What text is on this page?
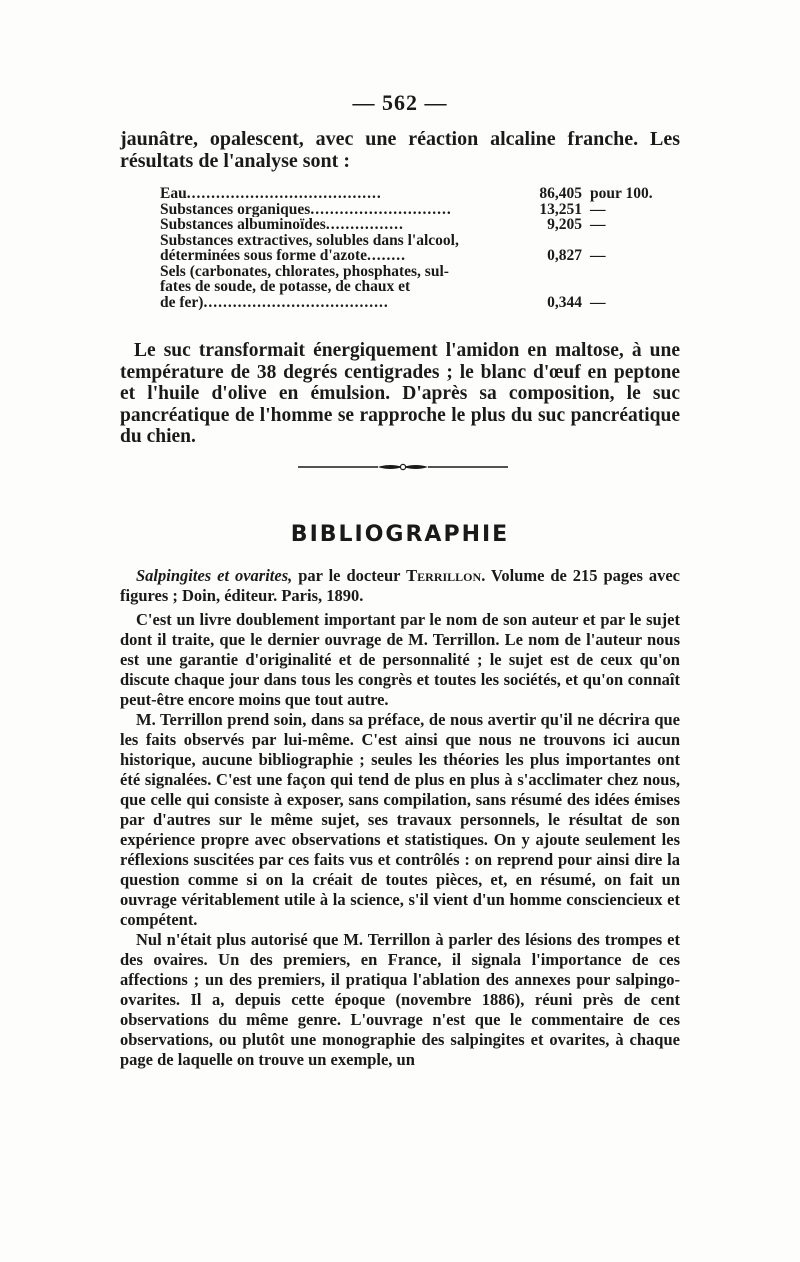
— 562 —

jaunâtre, opalescent, avec une réaction alcaline franche. Les résultats de l'analyse sont :

Eau........................................	86,405 pour 100.
Substances organiques.............................	13,251 —
Substances albuminoïdes................	9,205 —
Substances extractives, solubles dans l'alcool,
déterminées sous forme d'azote........	0,827 —
Sels (carbonates, chlorates, phosphates, sul-
fates de soude, de potasse, de chaux et
de fer)......................................	0,344 —

Le suc transformait énergiquement l'amidon en maltose, à une température de 38 degrés centigrades ; le blanc d'œuf en peptone et l'huile d'olive en émulsion. D'après sa composition, le suc pancréatique de l'homme se rapproche le plus du suc pancréatique du chien.

BIBLIOGRAPHIE

Salpingites et ovarites, par le docteur Terrillon. Volume de 215 pages avec figures ; Doin, éditeur. Paris, 1890.

C'est un livre doublement important par le nom de son auteur et par le sujet dont il traite, que le dernier ouvrage de M. Terrillon. Le nom de l'auteur nous est une garantie d'originalité et de personnalité ; le sujet est de ceux qu'on discute chaque jour dans tous les congrès et toutes les sociétés, et qu'on connaît peut-être encore moins que tout autre.

M. Terrillon prend soin, dans sa préface, de nous avertir qu'il ne décrira que les faits observés par lui-même. C'est ainsi que nous ne trouvons ici aucun historique, aucune bibliographie ; seules les théories les plus importantes ont été signalées. C'est une façon qui tend de plus en plus à s'acclimater chez nous, que celle qui consiste à exposer, sans compilation, sans résumé des idées émises par d'autres sur le même sujet, ses travaux personnels, le résultat de son expérience propre avec observations et statistiques. On y ajoute seulement les réflexions suscitées par ces faits vus et contrôlés : on reprend pour ainsi dire la question comme si on la créait de toutes pièces, et, en résumé, on fait un ouvrage véritablement utile à la science, s'il vient d'un homme consciencieux et compétent.

Nul n'était plus autorisé que M. Terrillon à parler des lésions des trompes et des ovaires. Un des premiers, en France, il signala l'importance de ces affections ; un des premiers, il pratiqua l'ablation des annexes pour salpingo-ovarites. Il a, depuis cette époque (novembre 1886), réuni près de cent observations du même genre. L'ouvrage n'est que le commentaire de ces observations, ou plutôt une monographie des salpingites et ovarites, à chaque page de laquelle on trouve un exemple, un
